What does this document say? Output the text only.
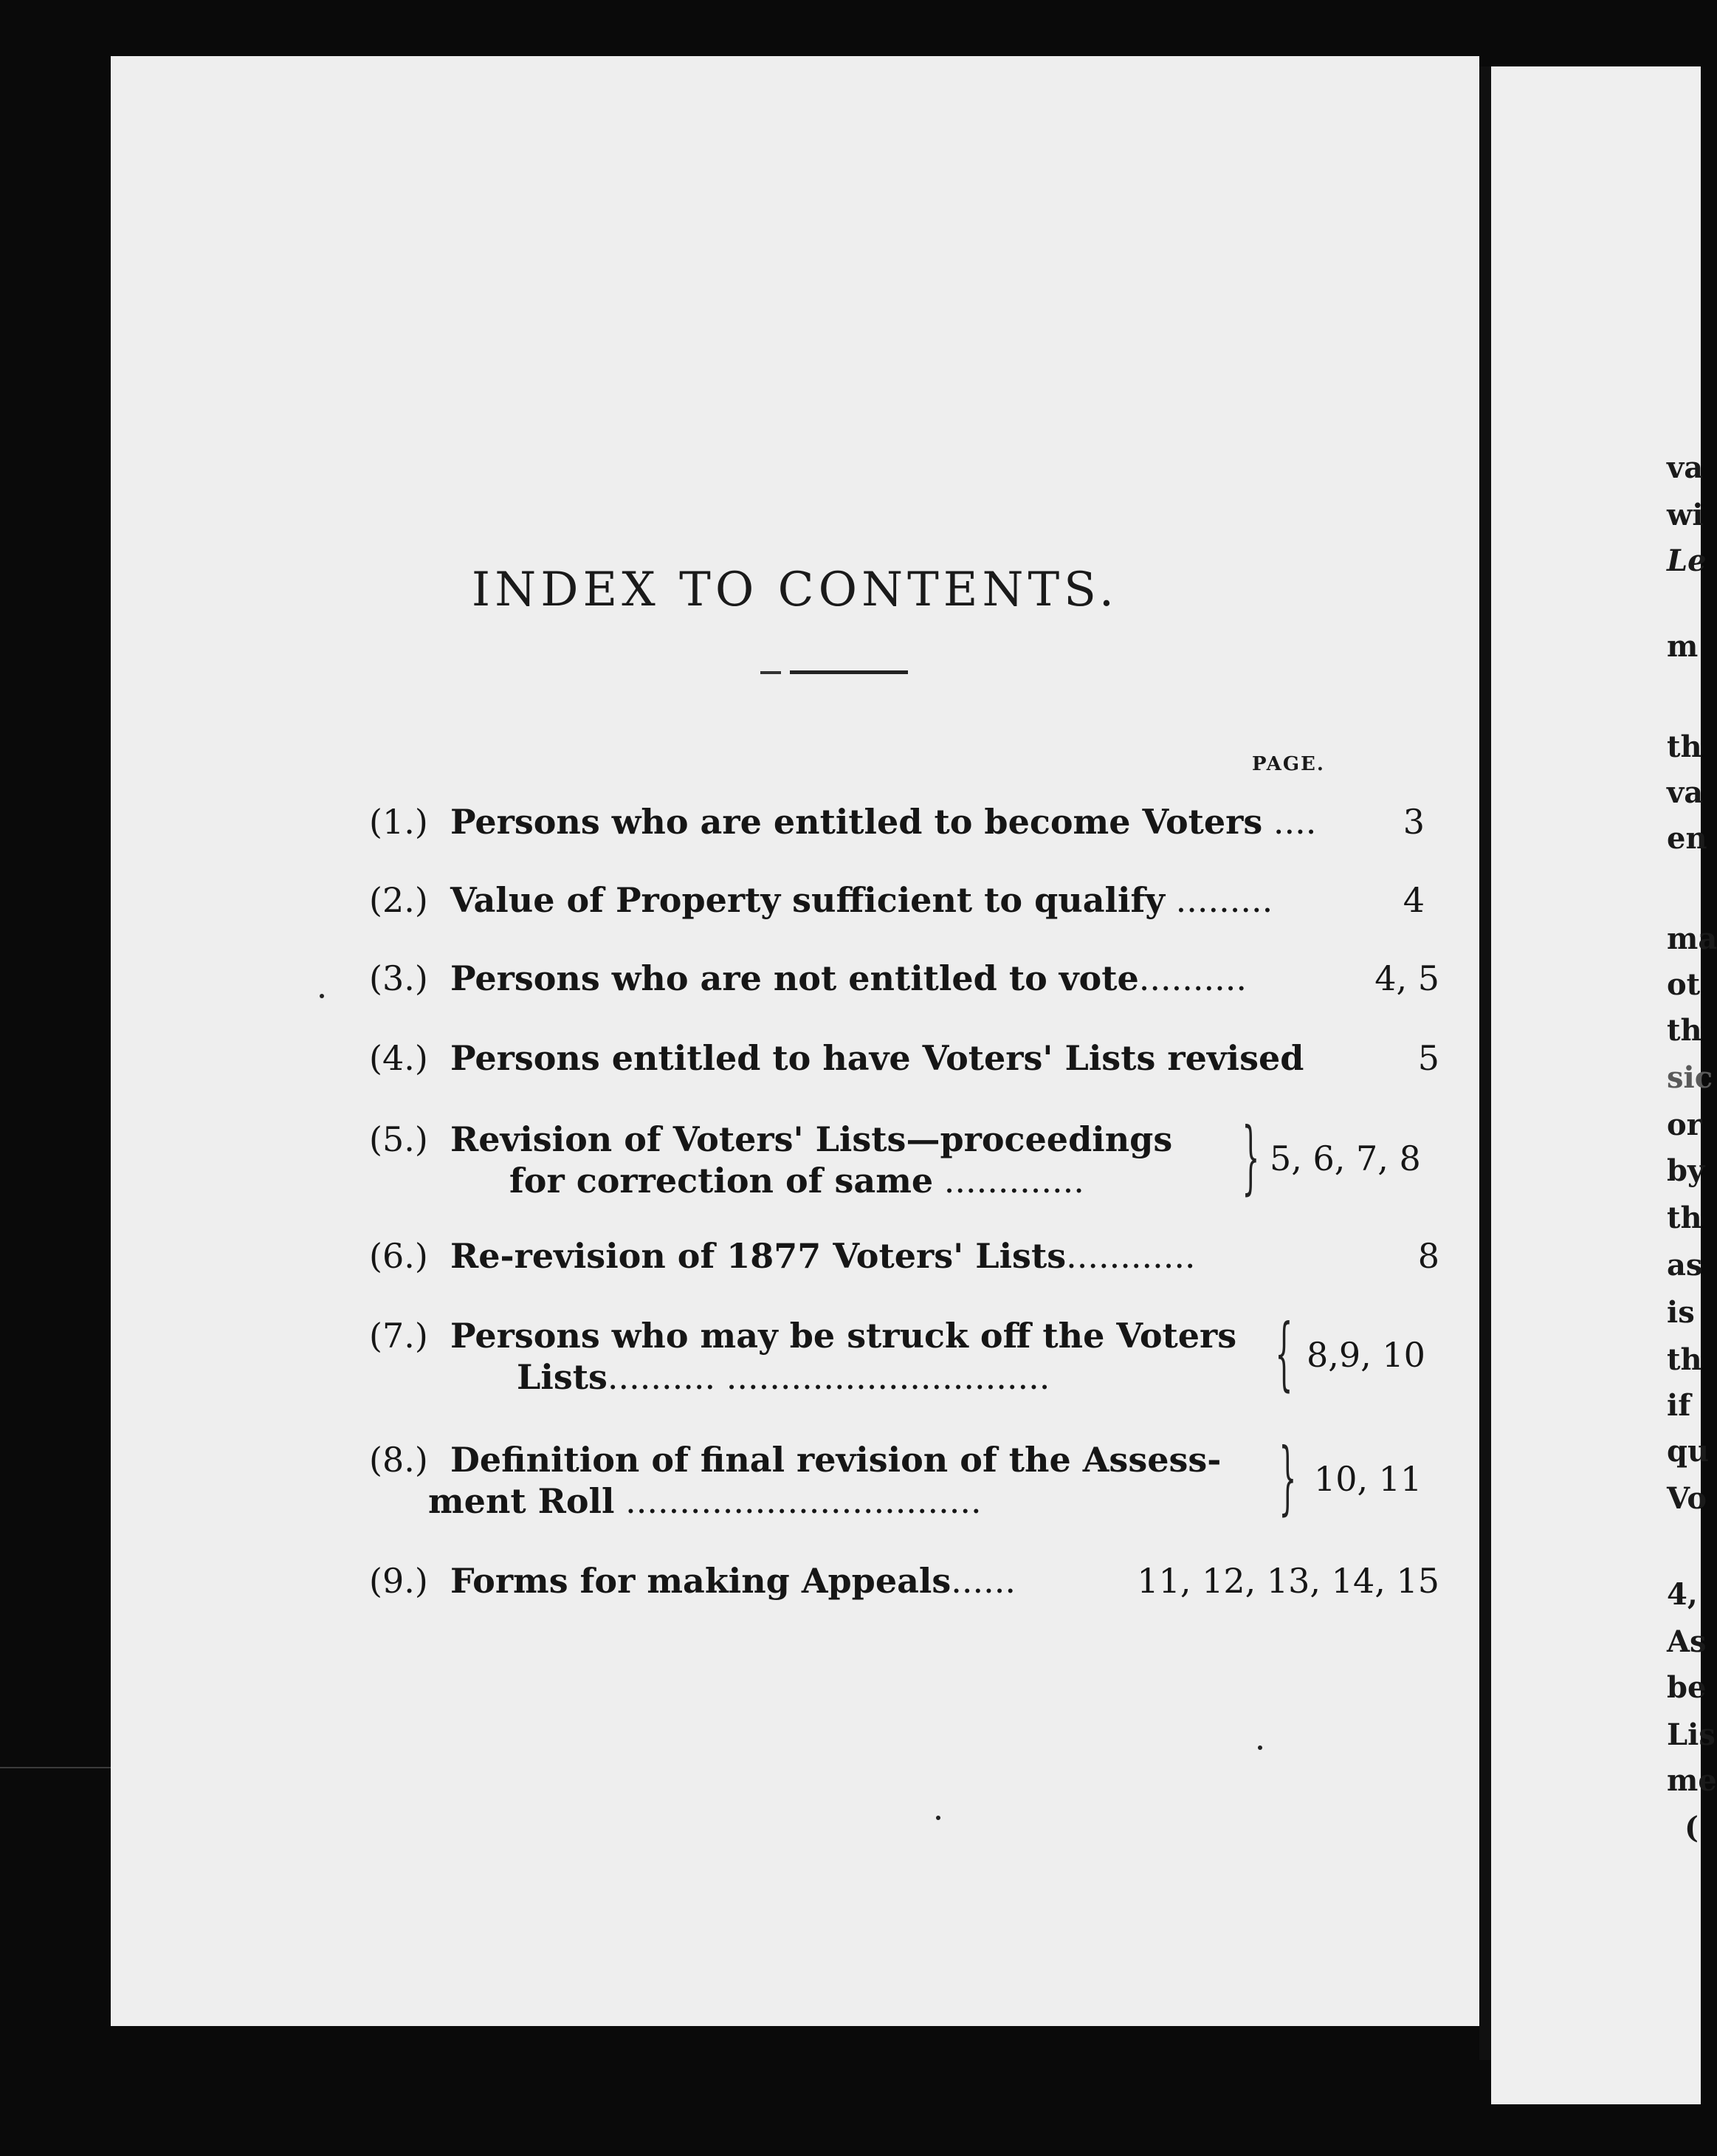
INDEX TO CONTENTS.
PAGE.
(1.) Persons who are entitled to become Voters ....	3
(2.) Value of Property sufficient to qualify .........	4
(3.) Persons who are not entitled to vote..........	4, 5
(4.) Persons entitled to have Voters' Lists revised	5
(5.) Revision of Voters' Lists—proceedings
for correction of same ............. } 5, 6, 7, 8
(6.) Re-revision of 1877 Voters' Lists............	8
(7.) Persons who may be struck off the Voters
Lists.......... ..............................	{ 8,9, 10
(8.) Definition of final revision of the Assess-
ment Roll .................................	} 10, 11
(9.) Forms for making Appeals......	11, 12, 13, 14, 15
va
wi
Le
m
th
va
en
ma
ot
th
sic
or
by
th
as
is
th
if
qu
Vo
4,
As
be
Lis
me
(
